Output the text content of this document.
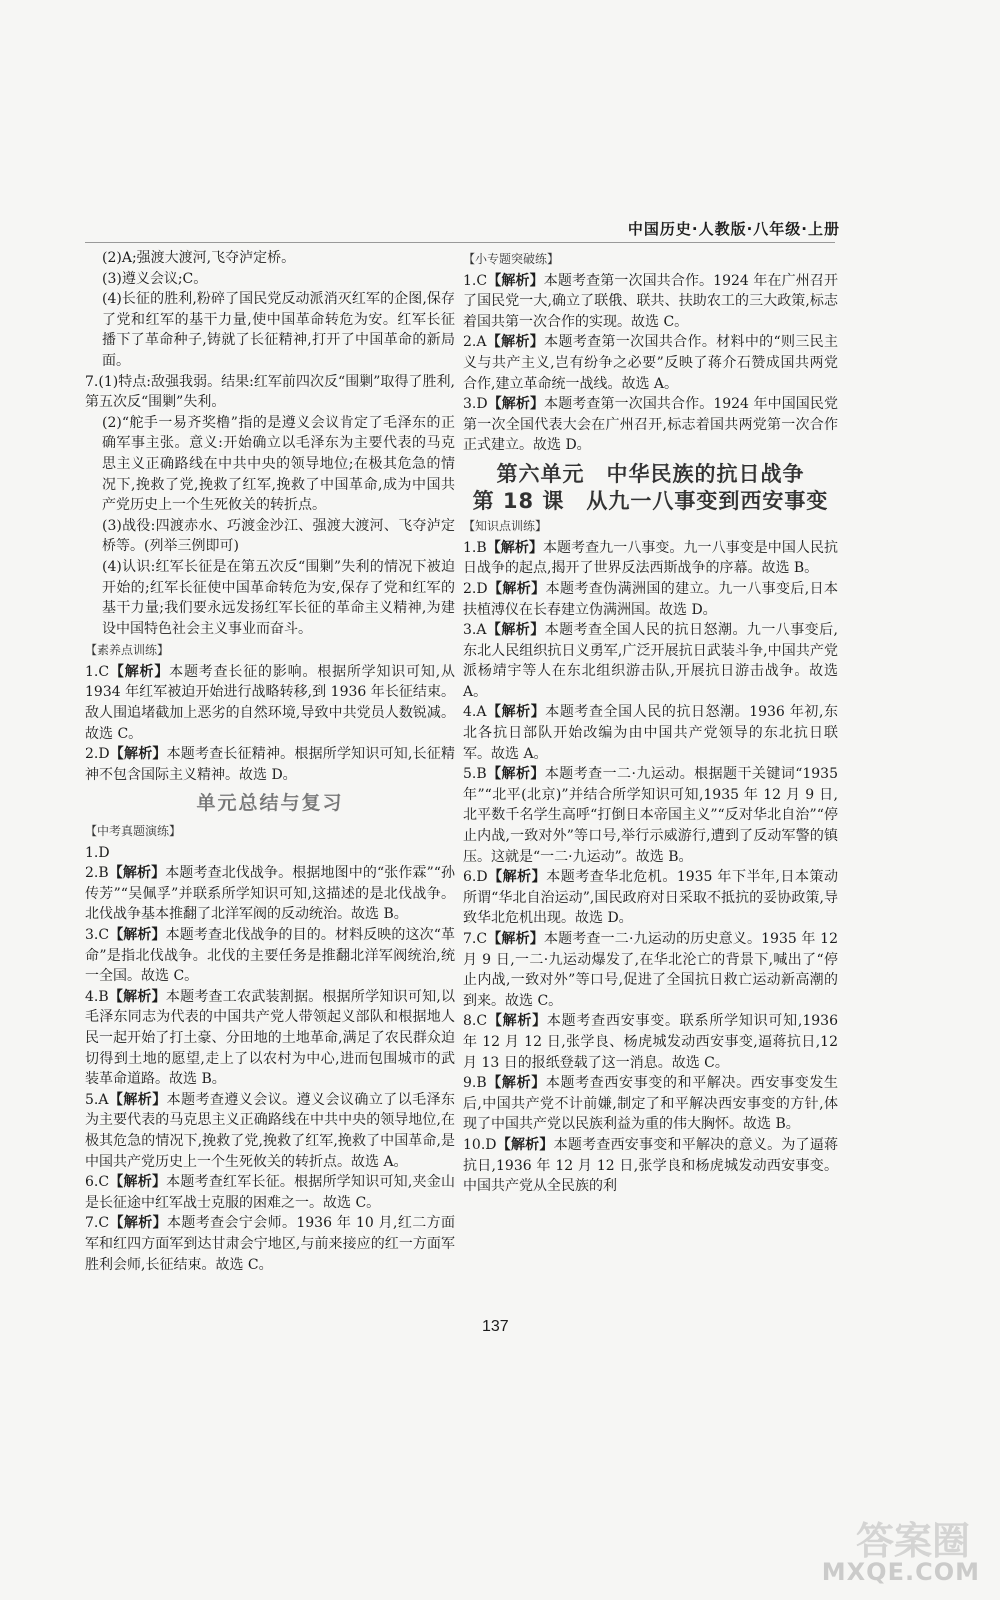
中国历史·人教版·八年级·上册

(2)A;强渡大渡河,飞夺泸定桥。

(3)遵义会议;C。

(4)长征的胜利,粉碎了国民党反动派消灭红军的企图,保存了党和红军的基干力量,使中国革命转危为安。红军长征播下了革命种子,铸就了长征精神,打开了中国革命的新局面。

7.(1)特点:敌强我弱。结果:红军前四次反“围剿”取得了胜利,第五次反“围剿”失利。

(2)“舵手一易齐奖橹”指的是遵义会议肯定了毛泽东的正确军事主张。意义:开始确立以毛泽东为主要代表的马克思主义正确路线在中共中央的领导地位;在极其危急的情况下,挽救了党,挽救了红军,挽救了中国革命,成为中国共产党历史上一个生死攸关的转折点。

(3)战役:四渡赤水、巧渡金沙江、强渡大渡河、飞夺泸定桥等。(列举三例即可)

(4)认识:红军长征是在第五次反“围剿”失利的情况下被迫开始的;红军长征使中国革命转危为安,保存了党和红军的基干力量;我们要永远发扬红军长征的革命主义精神,为建设中国特色社会主义事业而奋斗。

【素养点训练】

1.C【解析】本题考查长征的影响。根据所学知识可知,从 1934 年红军被迫开始进行战略转移,到 1936 年长征结束。敌人围追堵截加上恶劣的自然环境,导致中共党员人数锐减。故选 C。

2.D【解析】本题考查长征精神。根据所学知识可知,长征精神不包含国际主义精神。故选 D。

单元总结与复习
【中考真题演练】

1.D

2.B【解析】本题考查北伐战争。根据地图中的“张作霖”“孙传芳”“吴佩孚”并联系所学知识可知,这描述的是北伐战争。北伐战争基本推翻了北洋军阀的反动统治。故选 B。

3.C【解析】本题考查北伐战争的目的。材料反映的这次“革命”是指北伐战争。北伐的主要任务是推翻北洋军阀统治,统一全国。故选 C。

4.B【解析】本题考查工农武装割据。根据所学知识可知,以毛泽东同志为代表的中国共产党人带领起义部队和根据地人民一起开始了打土豪、分田地的土地革命,满足了农民群众迫切得到土地的愿望,走上了以农村为中心,进而包围城市的武装革命道路。故选 B。

5.A【解析】本题考查遵义会议。遵义会议确立了以毛泽东为主要代表的马克思主义正确路线在中共中央的领导地位,在极其危急的情况下,挽救了党,挽救了红军,挽救了中国革命,是中国共产党历史上一个生死攸关的转折点。故选 A。

6.C【解析】本题考查红军长征。根据所学知识可知,夹金山是长征途中红军战士克服的困难之一。故选 C。

7.C【解析】本题考查会宁会师。1936 年 10 月,红二方面军和红四方面军到达甘肃会宁地区,与前来接应的红一方面军胜利会师,长征结束。故选 C。

【小专题突破练】

1.C【解析】本题考查第一次国共合作。1924 年在广州召开了国民党一大,确立了联俄、联共、扶助农工的三大政策,标志着国共第一次合作的实现。故选 C。

2.A【解析】本题考查第一次国共合作。材料中的“则三民主义与共产主义,岂有纷争之必要”反映了蒋介石赞成国共两党合作,建立革命统一战线。故选 A。

3.D【解析】本题考查第一次国共合作。1924 年中国国民党第一次全国代表大会在广州召开,标志着国共两党第一次合作正式建立。故选 D。

第六单元　中华民族的抗日战争
第 18 课　从九一八事变到西安事变
【知识点训练】

1.B【解析】本题考查九一八事变。九一八事变是中国人民抗日战争的起点,揭开了世界反法西斯战争的序幕。故选 B。

2.D【解析】本题考查伪满洲国的建立。九一八事变后,日本扶植溥仪在长春建立伪满洲国。故选 D。

3.A【解析】本题考查全国人民的抗日怒潮。九一八事变后,东北人民组织抗日义勇军,广泛开展抗日武装斗争,中国共产党派杨靖宇等人在东北组织游击队,开展抗日游击战争。故选 A。

4.A【解析】本题考查全国人民的抗日怒潮。1936 年初,东北各抗日部队开始改编为由中国共产党领导的东北抗日联军。故选 A。

5.B【解析】本题考查一二·九运动。根据题干关键词“1935 年”“北平(北京)”并结合所学知识可知,1935 年 12 月 9 日,北平数千名学生高呼“打倒日本帝国主义”“反对华北自治”“停止内战,一致对外”等口号,举行示威游行,遭到了反动军警的镇压。这就是“一二·九运动”。故选 B。

6.D【解析】本题考查华北危机。1935 年下半年,日本策动所谓“华北自治运动”,国民政府对日采取不抵抗的妥协政策,导致华北危机出现。故选 D。

7.C【解析】本题考查一二·九运动的历史意义。1935 年 12 月 9 日,一二·九运动爆发了,在华北沦亡的背景下,喊出了“停止内战,一致对外”等口号,促进了全国抗日救亡运动新高潮的到来。故选 C。

8.C【解析】本题考查西安事变。联系所学知识可知,1936 年 12 月 12 日,张学良、杨虎城发动西安事变,逼蒋抗日,12 月 13 日的报纸登载了这一消息。故选 C。

9.B【解析】本题考查西安事变的和平解决。西安事变发生后,中国共产党不计前嫌,制定了和平解决西安事变的方针,体现了中国共产党以民族利益为重的伟大胸怀。故选 B。

10.D【解析】本题考查西安事变和平解决的意义。为了逼蒋抗日,1936 年 12 月 12 日,张学良和杨虎城发动西安事变。中国共产党从全民族的利

137
答案圈
MXQE.COM
